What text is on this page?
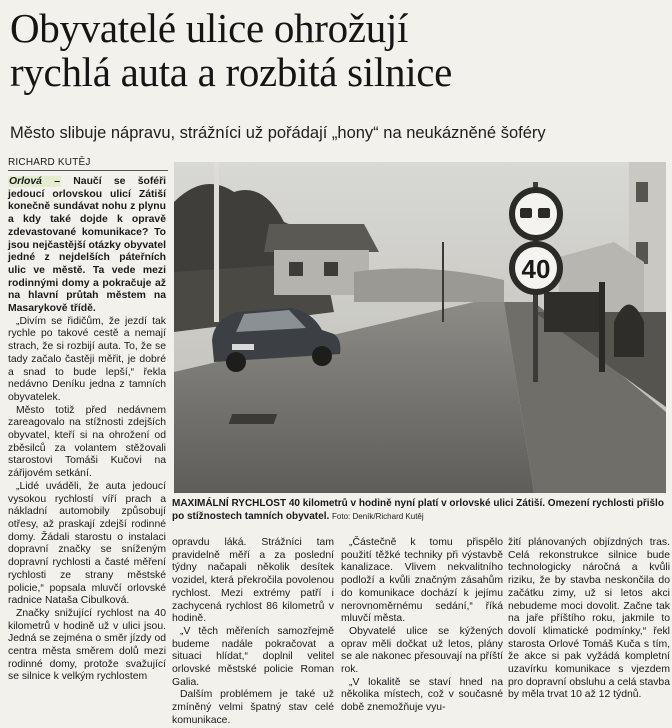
Obyvatelé ulice ohrožují
rychlá auta a rozbitá silnice

Město slibuje nápravu, strážníci už pořádají „hony“ na neukázněné šoféry

RICHARD KUTĚJ

Orlová – Naučí se šoféři jedoucí orlovskou ulicí Zátiší konečně sundávat nohu z plynu a kdy také dojde k opravě zdevastované komunikace? To jsou nejčastější otázky obyvatel jedné z nejdelších páteřních ulic ve městě. Ta vede mezi rodinnými domy a pokračuje až na hlavní průtah městem na Masarykově třídě.

„Divím se řidičům, že jezdí tak rychle po takové cestě a nemají strach, že si rozbijí auta. To, že se tady začalo častěji měřit, je dobré a snad to bude lepší,“ řekla nedávno Deníku jedna z tamních obyvatelek.

Město totiž před nedávnem zareagovalo na stížnosti zdejších obyvatel, kteří si na ohrožení od zběsilců za volantem stěžovali starostovi Tomáši Kučovi na zářijovém setkání.

„Lidé uváděli, že auta jedoucí vysokou rychlostí víří prach a nákladní automobily způsobují otřesy, až praskají zdejší rodinné domy. Žádali starostu o instalaci dopravní značky se sníženým dopravní rychlosti a časté měření rychlosti ze strany městské policie,“ popsala mluvčí orlovské radnice Nataša Cibulková.

Značky snižující rychlost na 40 kilometrů v hodině už v ulici jsou. Jedná se zejména o směr jízdy od centra města směrem dolů mezi rodinné domy, protože svažující se silnice k velkým rychlostem

40
MAXIMÁLNÍ RYCHLOST 40 kilometrů v hodině nyní platí v orlovské ulici Zátiší. Omezení rychlosti přišlo po stížnostech tamních obyvatel. Foto: Deník/Richard Kutěj

opravdu láká. Strážníci tam pravidelně měří a za poslední týdny načapali několik desítek vozidel, která překročila povolenou rychlost. Mezi extrémy patří i zachycená rychlost 86 kilometrů v hodině.

„V těch měřeních samozřejmě budeme nadále pokračovat a situaci hlídat,“ doplnil velitel orlovské městské policie Roman Galia.

Dalším problémem je také už zmíněný velmi špatný stav celé komunikace.

„Částečně k tomu přispělo použití těžké techniky při výstavbě kanalizace. Vlivem nekvalitního podloží a kvůli značným zásahům do komunikace dochází k jejímu nerovnoměrnému sedání,“ říká mluvčí města.

Obyvatelé ulice se kýžených oprav měli dočkat už letos, plány se ale nakonec přesouvají na příští rok.

„V lokalitě se staví hned na několika místech, což v současné době znemožňuje vyu-

žití plánovaných objízdných tras. Celá rekonstrukce silnice bude technologicky náročná a kvůli riziku, že by stavba neskončila do začátku zimy, už si letos akci nebudeme moci dovolit. Začne tak na jaře příštího roku, jakmile to dovolí klimatické podmínky,“ řekl starosta Orlové Tomáš Kuča s tím, že akce si pak vyžádá kompletní uzavírku komunikace s vjezdem pro dopravní obsluhu a celá stavba by měla trvat 10 až 12 týdnů.
